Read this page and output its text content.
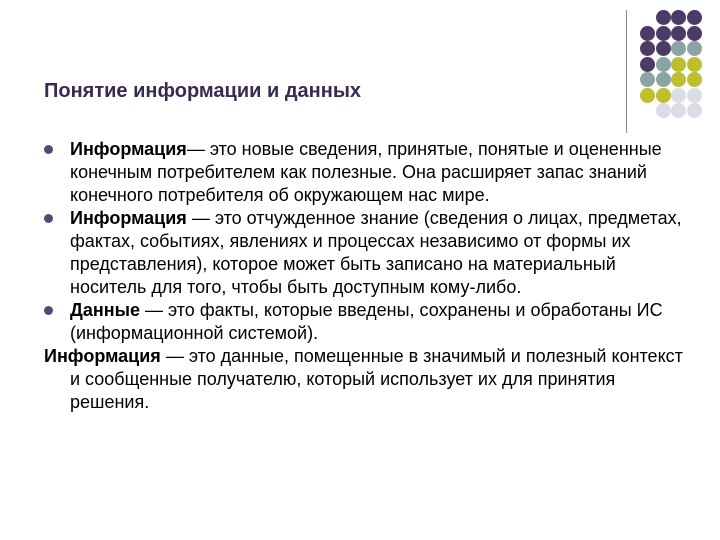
Понятие информации и данных
Информация— это новые сведения, принятые, понятые и оцененные конечным потребителем как полезные. Она расширяет запас знаний конечного потребителя об окружающем нас мире.
Информация — это отчужденное знание (сведения о лицах, предметах, фактах, событиях, явлениях и процессах независимо от формы их представления), которое может быть записано на материальный носитель для того, чтобы быть доступным кому-либо.
Данные — это факты, которые введены, сохранены и обработаны ИС (информационной системой).
Информация — это данные, помещенные в значимый и полезный контекст и сообщенные получателю, который использует их для принятия решения.
